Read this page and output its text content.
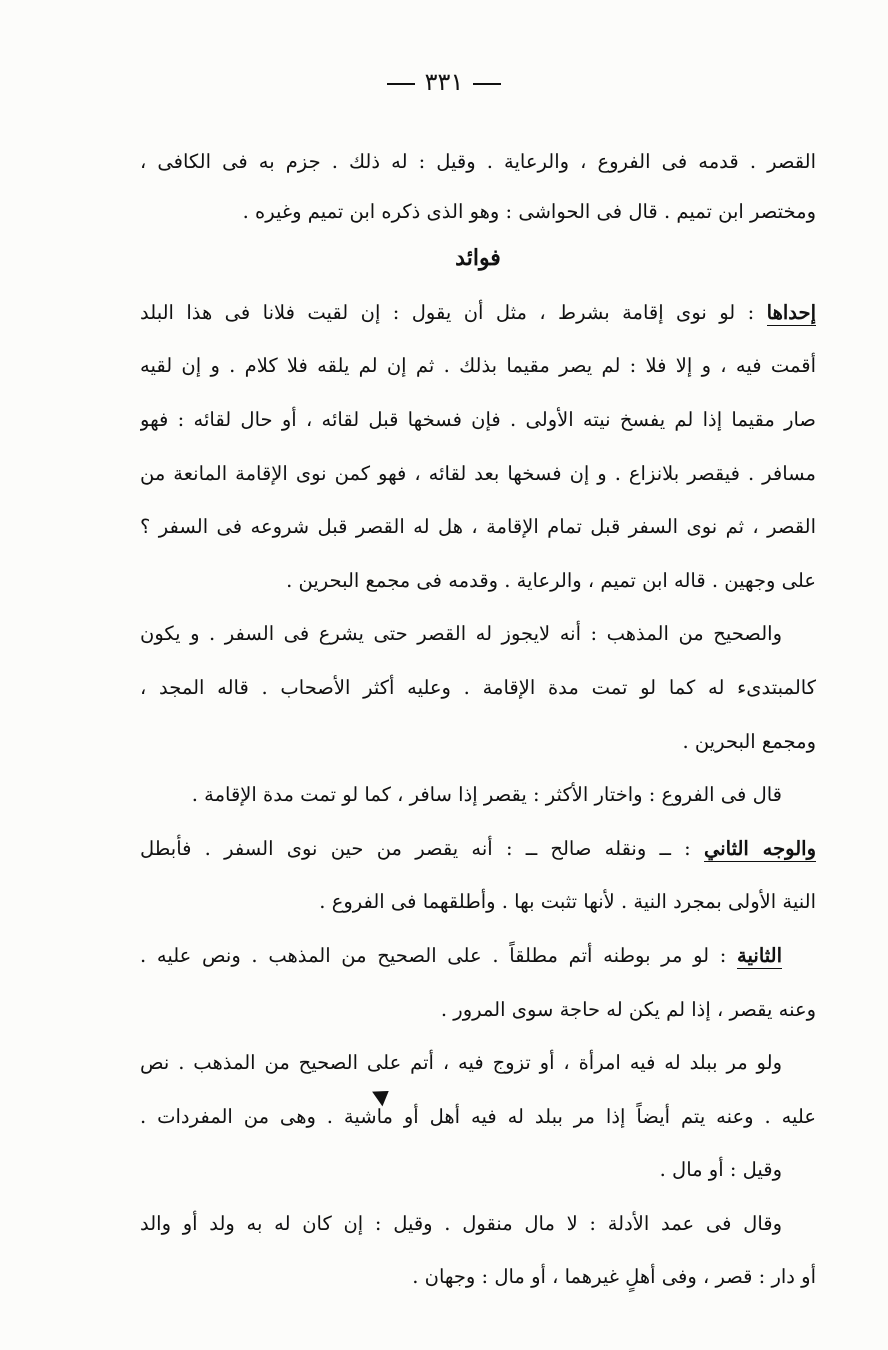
٣٣١
القصر . قدمه فى الفروع ، والرعاية . وقيل : له ذلك . جزم به فى الكافى ،
ومختصر ابن تميم . قال فى الحواشى : وهو الذى ذكره ابن تميم وغيره .
فوائد
إحداها : لو نوى إقامة بشرط ، مثل أن يقول : إن لقيت فلانا فى هذا البلد
أقمت فيه ، و إلا فلا : لم يصر مقيما بذلك . ثم إن لم يلقه فلا كلام . و إن لقيه
صار مقيما إذا لم يفسخ نيته الأولى . فإن فسخها قبل لقائه ، أو حال لقائه : فهو
مسافر . فيقصر بلانزاع . و إن فسخها بعد لقائه ، فهو كمن نوى الإقامة المانعة من
القصر ، ثم نوى السفر قبل تمام الإقامة ، هل له القصر قبل شروعه فى السفر ؟
على وجهين . قاله ابن تميم ، والرعاية . وقدمه فى مجمع البحرين .
والصحيح من المذهب : أنه لايجوز له القصر حتى يشرع فى السفر . و يكون
كالمبتدىء له كما لو تمت مدة الإقامة . وعليه أكثر الأصحاب . قاله المجد ،
ومجمع البحرين .
قال فى الفروع : واختار الأكثر : يقصر إذا سافر ، كما لو تمت مدة الإقامة .
والوجه الثاني : ــ ونقله صالح ــ : أنه يقصر من حين نوى السفر . فأبطل
النية الأولى بمجرد النية . لأنها تثبت بها . وأطلقهما فى الفروع .
الثانية : لو مر بوطنه أتم مطلقاً . على الصحيح من المذهب . ونص عليه .
وعنه يقصر ، إذا لم يكن له حاجة سوى المرور .
ولو مر ببلد له فيه امرأة ، أو تزوج فيه ، أتم على الصحيح من المذهب . نص
عليه . وعنه يتم أيضاً إذا مر ببلد له فيه أهل أو ماشية . وهى من المفردات .
وقيل : أو مال .
وقال فى عمد الأدلة : لا مال منقول . وقيل : إن كان له به ولد أو والد
أو دار : قصر ، وفى أهلٍ غيرهما ، أو مال : وجهان .
